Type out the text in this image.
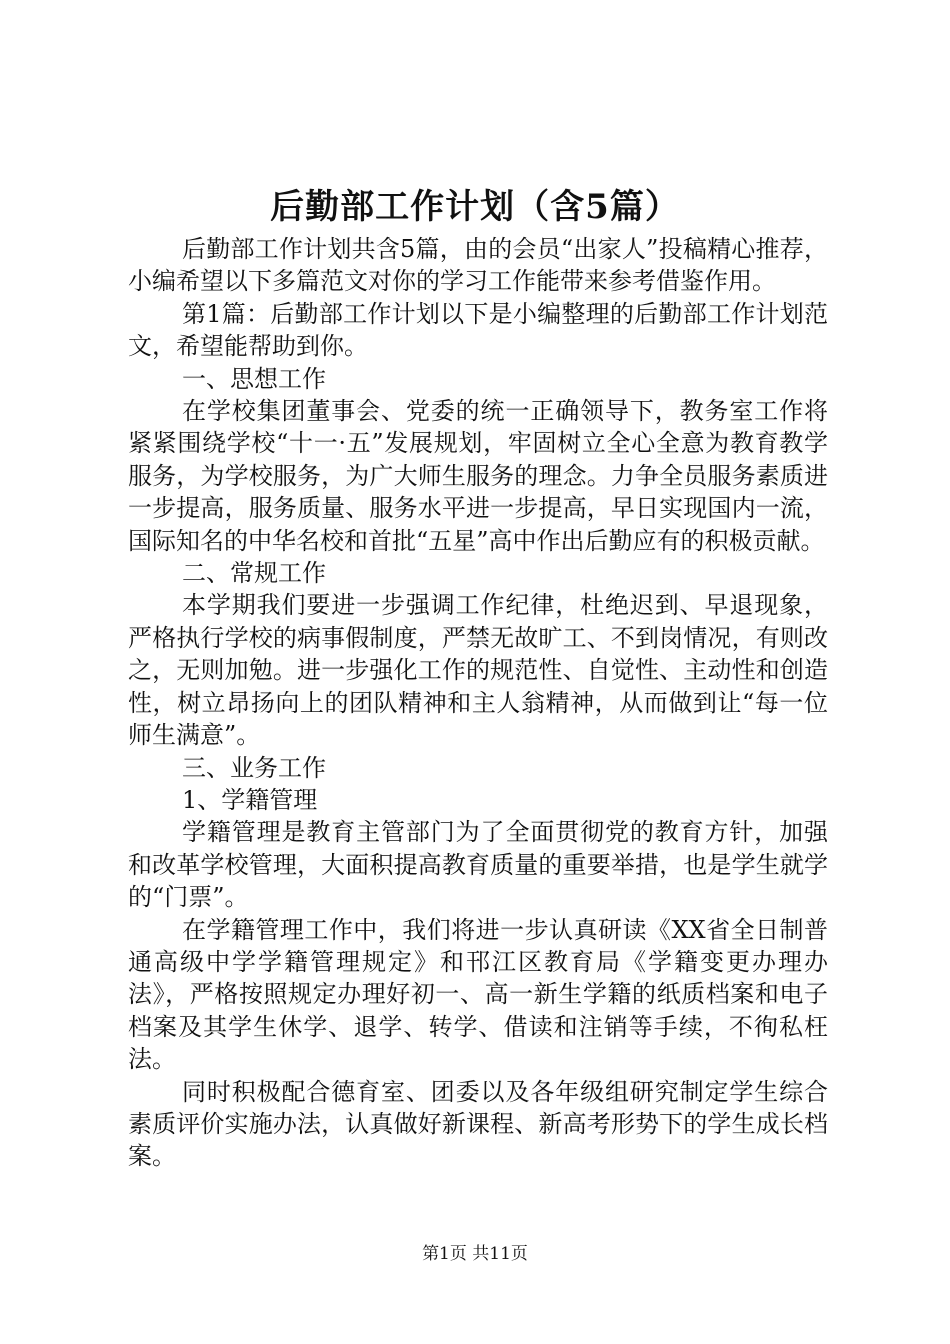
后勤部工作计划（含5篇）

后勤部工作计划共含5篇，由的会员“出家人”投稿精心推荐，小编希望以下多篇范文对你的学习工作能带来参考借鉴作用。

第1篇：后勤部工作计划以下是小编整理的后勤部工作计划范文，希望能帮助到你。

一、思想工作

在学校集团董事会、党委的统一正确领导下，教务室工作将紧紧围绕学校“十一·五”发展规划，牢固树立全心全意为教育教学服务，为学校服务，为广大师生服务的理念。力争全员服务素质进一步提高，服务质量、服务水平进一步提高，早日实现国内一流，国际知名的中华名校和首批“五星”高中作出后勤应有的积极贡献。

二、常规工作

本学期我们要进一步强调工作纪律，杜绝迟到、早退现象，严格执行学校的病事假制度，严禁无故旷工、不到岗情况，有则改之，无则加勉。进一步强化工作的规范性、自觉性、主动性和创造性，树立昂扬向上的团队精神和主人翁精神，从而做到让“每一位师生满意”。

三、业务工作

1、学籍管理

学籍管理是教育主管部门为了全面贯彻党的教育方针，加强和改革学校管理，大面积提高教育质量的重要举措，也是学生就学的“门票”。

在学籍管理工作中，我们将进一步认真研读《XX省全日制普通高级中学学籍管理规定》和邗江区教育局《学籍变更办理办法》，严格按照规定办理好初一、高一新生学籍的纸质档案和电子档案及其学生休学、退学、转学、借读和注销等手续，不徇私枉法。

同时积极配合德育室、团委以及各年级组研究制定学生综合素质评价实施办法，认真做好新课程、新高考形势下的学生成长档案。

第1页 共11页
